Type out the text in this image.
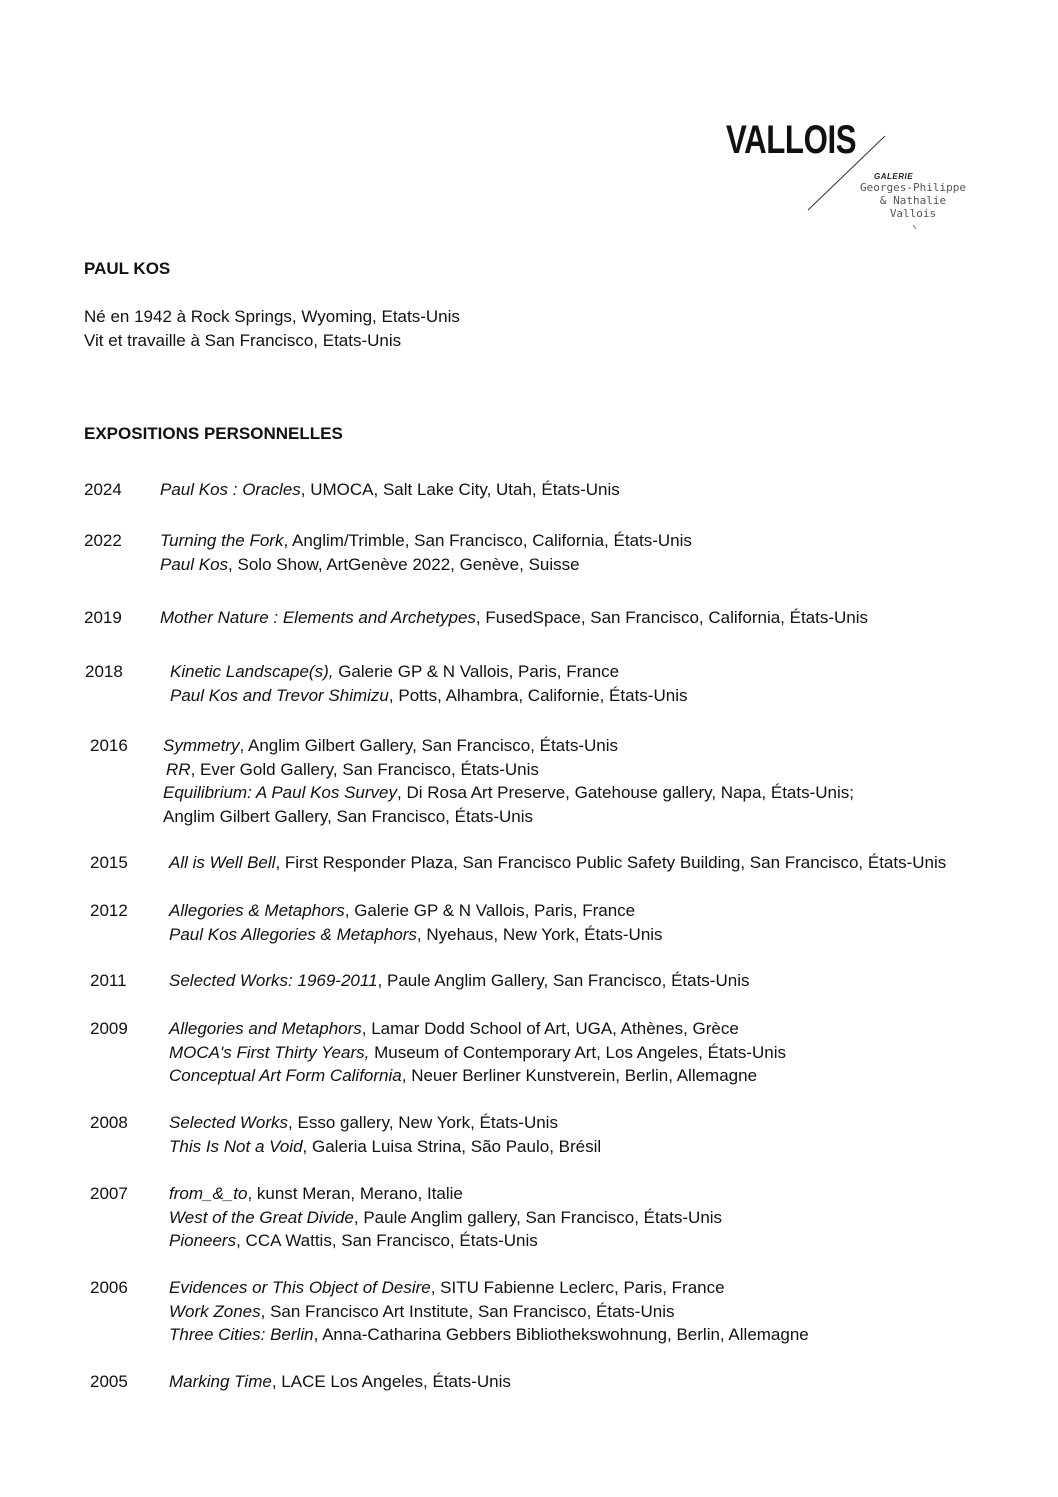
VALLOIS
GALERIE
Georges-Philippe
& Nathalie
Vallois
PAUL KOS
Né en 1942 à Rock Springs, Wyoming, Etats-Unis
Vit et travaille à San Francisco, Etats-Unis
EXPOSITIONS PERSONNELLES
2024 Paul Kos : Oracles, UMOCA, Salt Lake City, Utah, États-Unis
2022 Turning the Fork, Anglim/Trimble, San Francisco, California, États-Unis
Paul Kos, Solo Show, ArtGenève 2022, Genève, Suisse
2019 Mother Nature : Elements and Archetypes, FusedSpace, San Francisco, California, États-Unis
2018	Kinetic Landscape(s), Galerie GP & N Vallois, Paris, France
Paul Kos and Trevor Shimizu, Potts, Alhambra, Californie, États-Unis
2016 Symmetry, Anglim Gilbert Gallery, San Francisco, États-Unis
RR, Ever Gold Gallery, San Francisco, États-Unis
Equilibrium: A Paul Kos Survey, Di Rosa Art Preserve, Gatehouse gallery, Napa, États-Unis;
Anglim Gilbert Gallery, San Francisco, États-Unis
2015 All is Well Bell, First Responder Plaza, San Francisco Public Safety Building, San Francisco, États-Unis
2012 Allegories & Metaphors, Galerie GP & N Vallois, Paris, France
Paul Kos Allegories & Metaphors, Nyehaus, New York, États-Unis
2011 Selected Works: 1969-2011, Paule Anglim Gallery, San Francisco, États-Unis
2009 Allegories and Metaphors, Lamar Dodd School of Art, UGA, Athènes, Grèce
MOCA's First Thirty Years, Museum of Contemporary Art, Los Angeles, États-Unis
Conceptual Art Form California, Neuer Berliner Kunstverein, Berlin, Allemagne
2008 Selected Works, Esso gallery, New York, États-Unis
This Is Not a Void, Galeria Luisa Strina, São Paulo, Brésil
2007 from_&_to, kunst Meran, Merano, Italie
West of the Great Divide, Paule Anglim gallery, San Francisco, États-Unis
Pioneers, CCA Wattis, San Francisco, États-Unis
2006 Evidences or This Object of Desire, SITU Fabienne Leclerc, Paris, France
Work Zones, San Francisco Art Institute, San Francisco, États-Unis
Three Cities: Berlin, Anna-Catharina Gebbers Bibliothekswohnung, Berlin, Allemagne
2005 Marking Time, LACE Los Angeles, États-Unis
